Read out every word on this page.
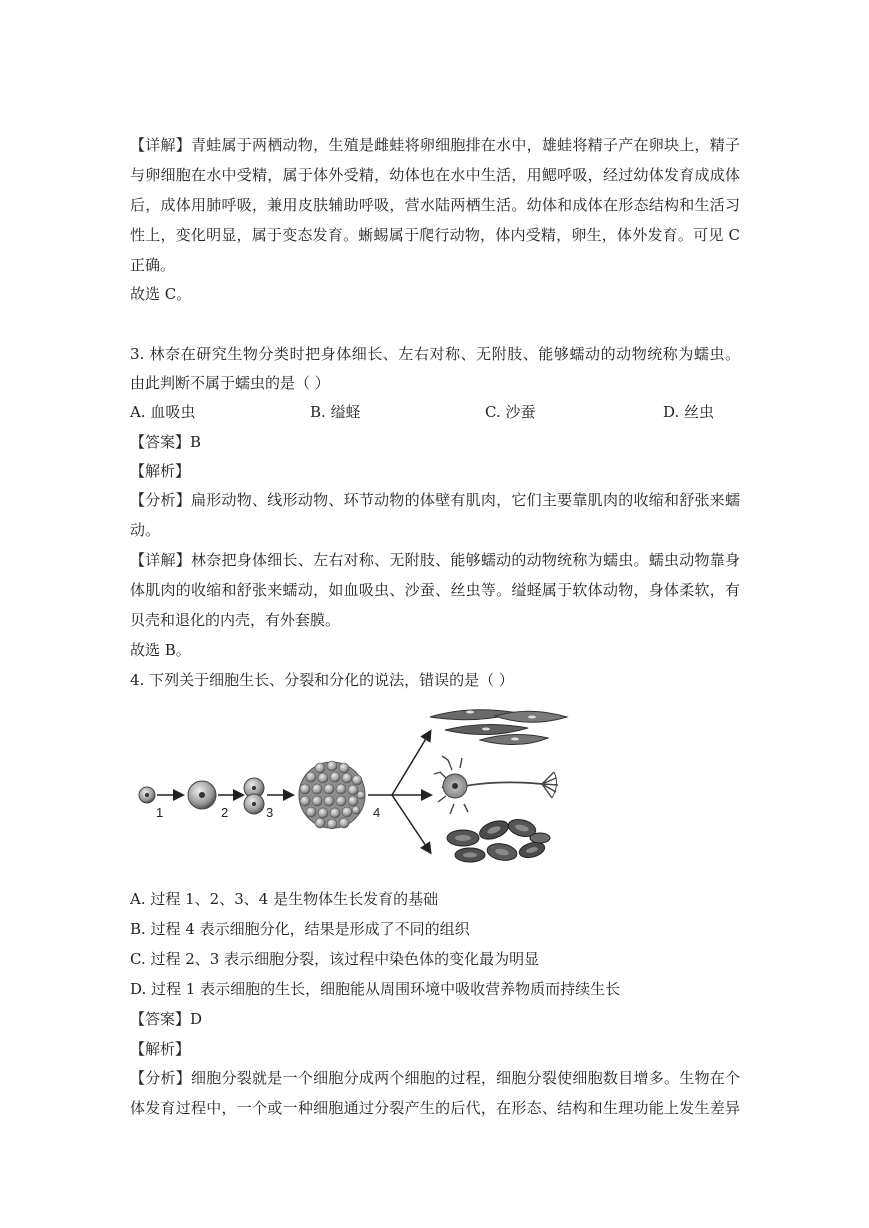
【详解】青蛙属于两栖动物，生殖是雌蛙将卵细胞排在水中，雄蛙将精子产在卵块上，精子
与卵细胞在水中受精，属于体外受精，幼体也在水中生活，用鳃呼吸，经过幼体发育成成体
后，成体用肺呼吸，兼用皮肤辅助呼吸，营水陆两栖生活。幼体和成体在形态结构和生活习
性上，变化明显，属于变态发育。蜥蜴属于爬行动物，体内受精，卵生，体外发育。可见 C
正确。
故选 C。
3. 林奈在研究生物分类时把身体细长、左右对称、无附肢、能够蠕动的动物统称为蠕虫。
由此判断不属于蠕虫的是（ ）
A. 血吸虫	B. 缢蛏	C. 沙蚕	D. 丝虫
【答案】B
【解析】
【分析】扁形动物、线形动物、环节动物的体壁有肌肉，它们主要靠肌肉的收缩和舒张来蠕
动。
【详解】林奈把身体细长、左右对称、无附肢、能够蠕动的动物统称为蠕虫。蠕虫动物靠身
体肌肉的收缩和舒张来蠕动，如血吸虫、沙蚕、丝虫等。缢蛏属于软体动物，身体柔软，有
贝壳和退化的内壳，有外套膜。
故选 B。
4. 下列关于细胞生长、分裂和分化的说法，错误的是（ ）
1	2	3	4
A. 过程 1、2、3、4 是生物体生长发育的基础
B. 过程 4 表示细胞分化，结果是形成了不同的组织
C. 过程 2、3 表示细胞分裂，该过程中染色体的变化最为明显
D. 过程 1 表示细胞的生长，细胞能从周围环境中吸收营养物质而持续生长
【答案】D
【解析】
【分析】细胞分裂就是一个细胞分成两个细胞的过程，细胞分裂使细胞数目增多。生物在个
体发育过程中，一个或一种细胞通过分裂产生的后代，在形态、结构和生理功能上发生差异
